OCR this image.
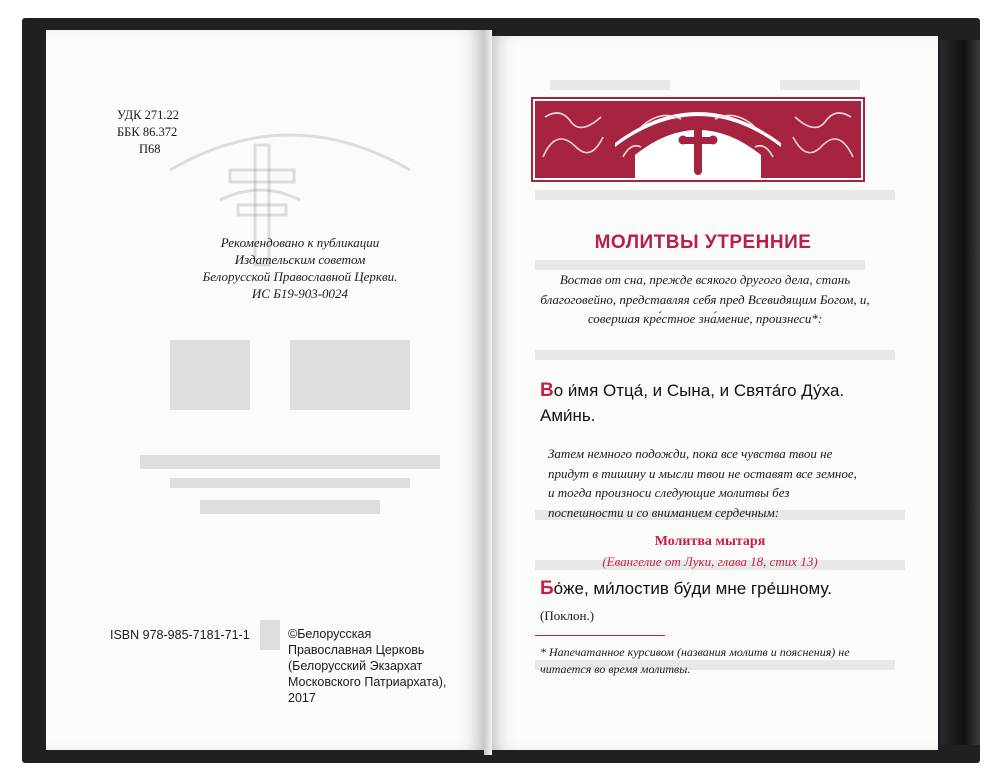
УДК 271.22
ББК 86.372
П68
Рекомендовано к публикации
Издательским советом
Белорусской Православной Церкви.
ИС Б19-903-0024
ISBN 978-985-7181-71-1	©Белорусская Православная Церковь (Белорусский Экзархат Московского Патриархата), 2017
МОЛИТВЫ УТРЕННИЕ
Востав от сна, прежде всякого другого дела, стань благоговейно, представляя себя пред Всевидящим Богом, и, совершая кре́стное зна́мение, произнеси*:
Во и́мя Отца́, и Сына, и Свята́го Ду́ха. Ами́нь.
Затем немного подожди, пока все чувства твои не придут в тишину и мысли твои не оставят все земное, и тогда произноси следующие молитвы без поспешности и со вниманием сердечным:
Молитва мытаря
(Евангелие от Луки, глава 18, стих 13)
Бо́же, ми́лостив бу́ди мне гре́шному.
(Поклон.)
* Напечатанное курсивом (названия молитв и пояснения) не читается во время молитвы.
